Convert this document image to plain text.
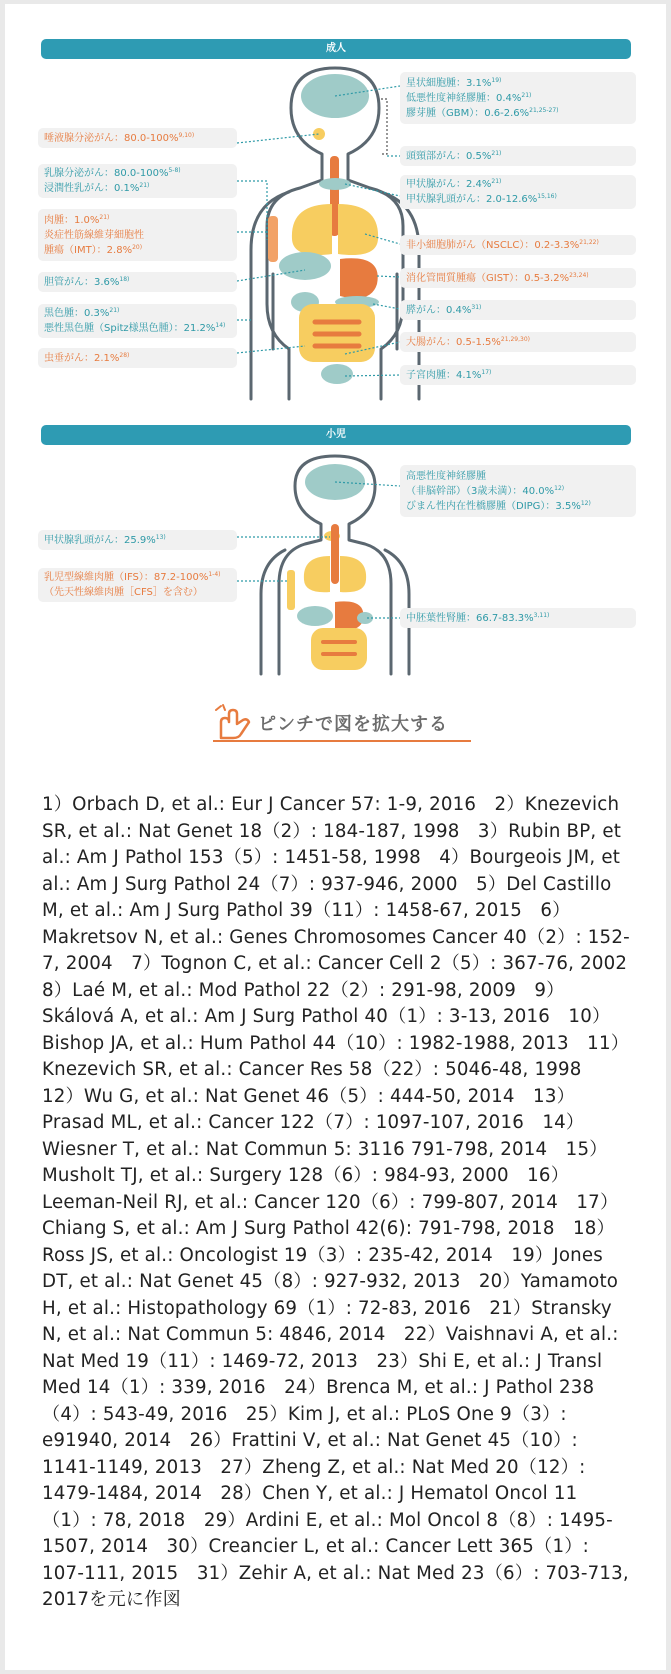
成人
小児
星状細胞腫：3.1%$^{19)}$
低悪性度神経膠腫：0.4%$^{21)}$
膠芽腫（GBM）：0.6-2.6%$^{21,25-27)}$
唾液腺分泌がん：80.0-100%$^{9,10)}$
頭頸部がん：0.5%$^{21)}$
乳腺分泌がん：80.0-100%$^{5-8)}$
浸潤性乳がん：0.1%$^{21)}$	甲状腺がん：2.4%$^{21)}$
甲状腺乳頭がん：2.0-12.6%$^{15,16)}$
肉腫：1.0%$^{21)}$
炎症性筋線維芽細胞性
腫瘍（IMT）：2.8%$^{20)}$	非小細胞肺がん（NSCLC）：0.2-3.3%$^{21,22)}$
胆管がん：3.6%$^{18)}$	消化管間質腫瘍（GIST）：0.5-3.2%$^{23,24)}$
黒色腫：0.3%$^{21)}$
悪性黒色腫（Spitz様黒色腫）：21.2%$^{14)}$
膵がん：0.4%$^{31)}$
大腸がん：0.5-1.5%$^{21,29,30)}$
虫垂がん：2.1%$^{28)}$
子宮肉腫：4.1%$^{17)}$
高悪性度神経膠腫
（非脳幹部）（3歳未満）：40.0%$^{12)}$
びまん性内在性橋膠腫（DIPG）：3.5%$^{12)}$
甲状腺乳頭がん：25.9%$^{13)}$
乳児型線維肉腫（IFS）：87.2-100%$^{1-4)}$
（先天性線維肉腫［CFS］を含む）
中胚葉性腎腫：66.7-83.3%$^{3,11)}$
ピンチで図を拡大する
1）Orbach D, et al.: Eur J Cancer 57: 1-9, 2016　2）Knezevich SR, et al.: Nat Genet 18（2）: 184-187, 1998　3）Rubin BP, et al.: Am J Pathol 153（5）: 1451-58, 1998　4）Bourgeois JM, et al.: Am J Surg Pathol 24（7）: 937-946, 2000　5）Del Castillo M, et al.: Am J Surg Pathol 39（11）: 1458-67, 2015　6）Makretsov N, et al.: Genes Chromosomes Cancer 40（2）: 152-7, 2004　7）Tognon C, et al.: Cancer Cell 2（5）: 367-76, 2002　8）Laé M, et al.: Mod Pathol 22（2）: 291-98, 2009　9）Skálová A, et al.: Am J Surg Pathol 40（1）: 3-13, 2016　10）Bishop JA, et al.: Hum Pathol 44（10）: 1982-1988, 2013　11）Knezevich SR, et al.: Cancer Res 58（22）: 5046-48, 1998　12）Wu G, et al.: Nat Genet 46（5）: 444-50, 2014　13）Prasad ML, et al.: Cancer 122（7）: 1097-107, 2016　14）Wiesner T, et al.: Nat Commun 5: 3116 791-798, 2014　15）Musholt TJ, et al.: Surgery 128（6）: 984-93, 2000　16）Leeman-Neil RJ, et al.: Cancer 120（6）: 799-807, 2014　17）Chiang S, et al.: Am J Surg Pathol 42(6): 791-798, 2018　18）Ross JS, et al.: Oncologist 19（3）: 235-42, 2014　19）Jones DT, et al.: Nat Genet 45（8）: 927-932, 2013　20）Yamamoto H, et al.: Histopathology 69（1）: 72-83, 2016　21）Stransky N, et al.: Nat Commun 5: 4846, 2014　22）Vaishnavi A, et al.: Nat Med 19（11）: 1469-72, 2013　23）Shi E, et al.: J Transl Med 14（1）: 339, 2016　24）Brenca M, et al.: J Pathol 238（4）: 543-49, 2016　25）Kim J, et al.: PLoS One 9（3）: e91940, 2014　26）Frattini V, et al.: Nat Genet 45（10）: 1141-1149, 2013　27）Zheng Z, et al.: Nat Med 20（12）: 1479-1484, 2014　28）Chen Y, et al.: J Hematol Oncol 11（1）: 78, 2018　29）Ardini E, et al.: Mol Oncol 8（8）: 1495-1507, 2014　30）Creancier L, et al.: Cancer Lett 365（1）: 107-111, 2015　31）Zehir A, et al.: Nat Med 23（6）: 703-713, 2017を元に作図
